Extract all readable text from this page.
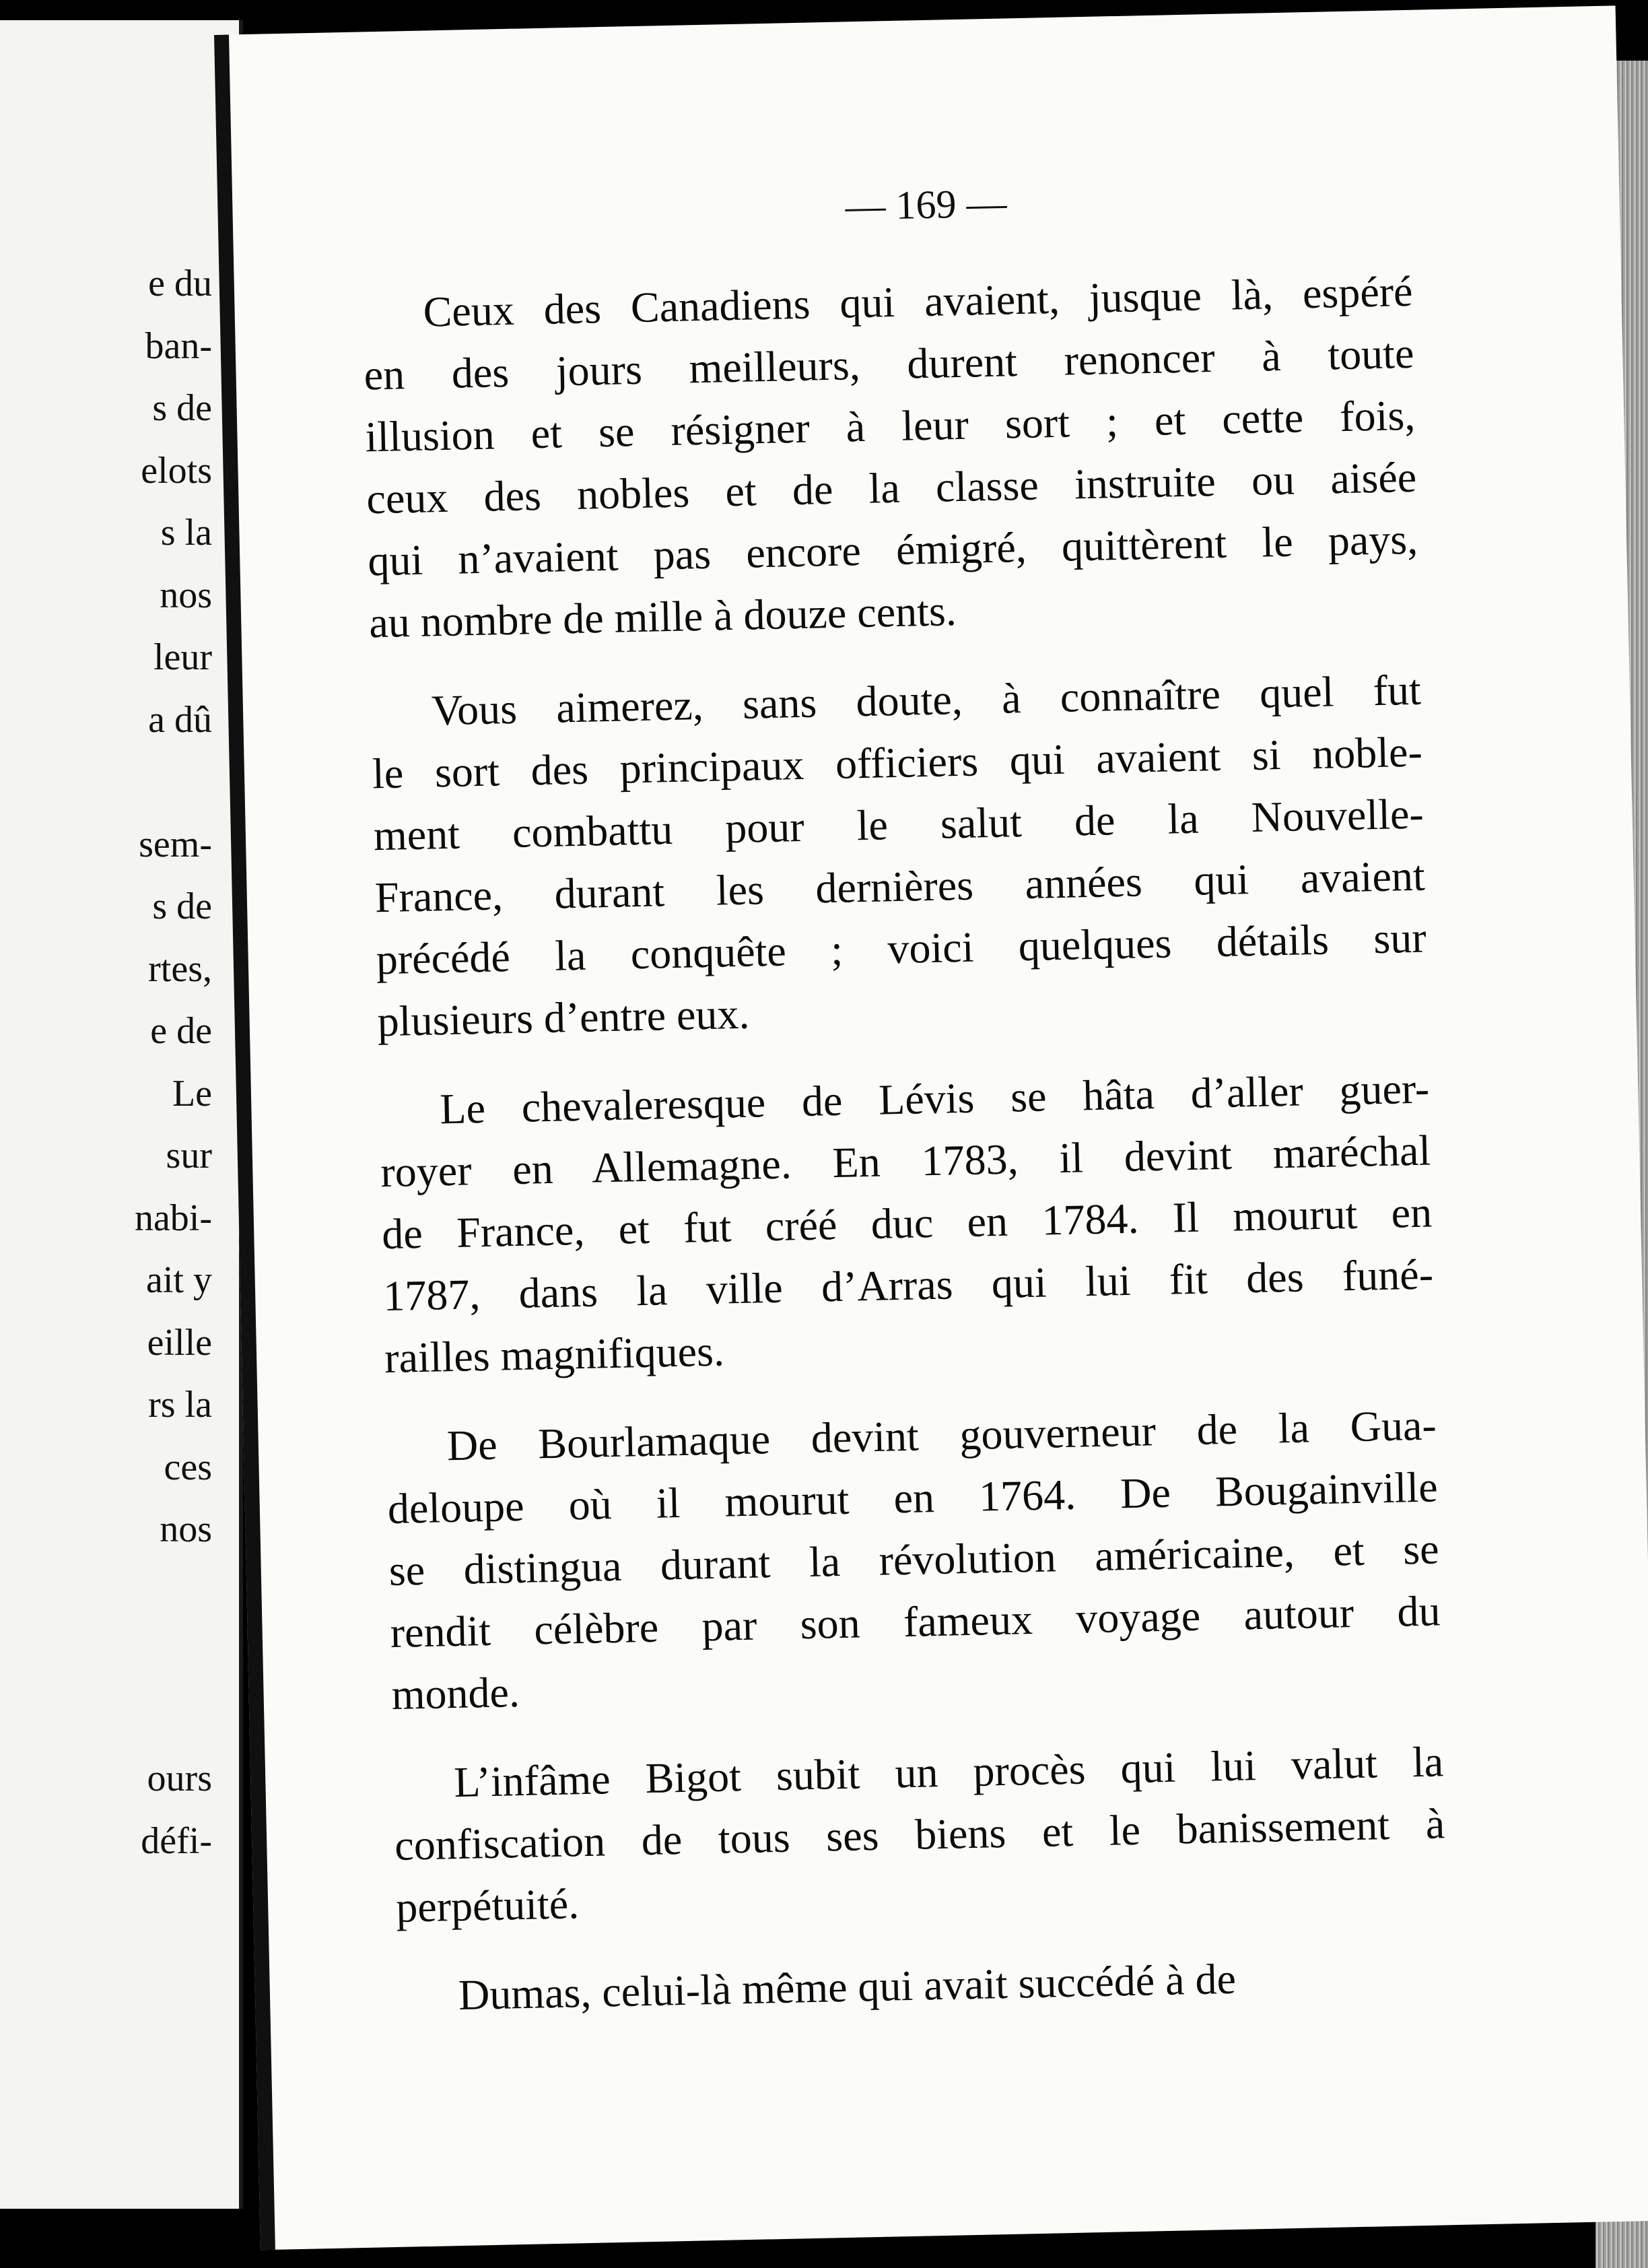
e du
ban-
s de
elots
s la
nos
leur
a dû
sem-
s de
rtes,
e de
Le
sur
nabi-
ait y
eille
rs la
ces
nos
ours
défi-
— 169 —
Ceux des Canadiens qui avaient, jusque là, espéré
en des jours meilleurs, durent renoncer à toute
illusion et se résigner à leur sort ; et cette fois,
ceux des nobles et de la classe instruite ou aisée
qui n’avaient pas encore émigré, quittèrent le pays,
au nombre de mille à douze cents.
Vous aimerez, sans doute, à connaître quel fut
le sort des principaux officiers qui avaient si noble-
ment combattu pour le salut de la Nouvelle-
France, durant les dernières années qui avaient
précédé la conquête ; voici quelques détails sur
plusieurs d’entre eux.
Le chevaleresque de Lévis se hâta d’aller guer-
royer en Allemagne. En 1783, il devint maréchal
de France, et fut créé duc en 1784. Il mourut en
1787, dans la ville d’Arras qui lui fit des funé-
railles magnifiques.
De Bourlamaque devint gouverneur de la Gua-
deloupe où il mourut en 1764. De Bougainville
se distingua durant la révolution américaine, et se
rendit célèbre par son fameux voyage autour du
monde.
L’infâme Bigot subit un procès qui lui valut la
confiscation de tous ses biens et le banissement à
perpétuité.
Dumas, celui-là même qui avait succédé à de
